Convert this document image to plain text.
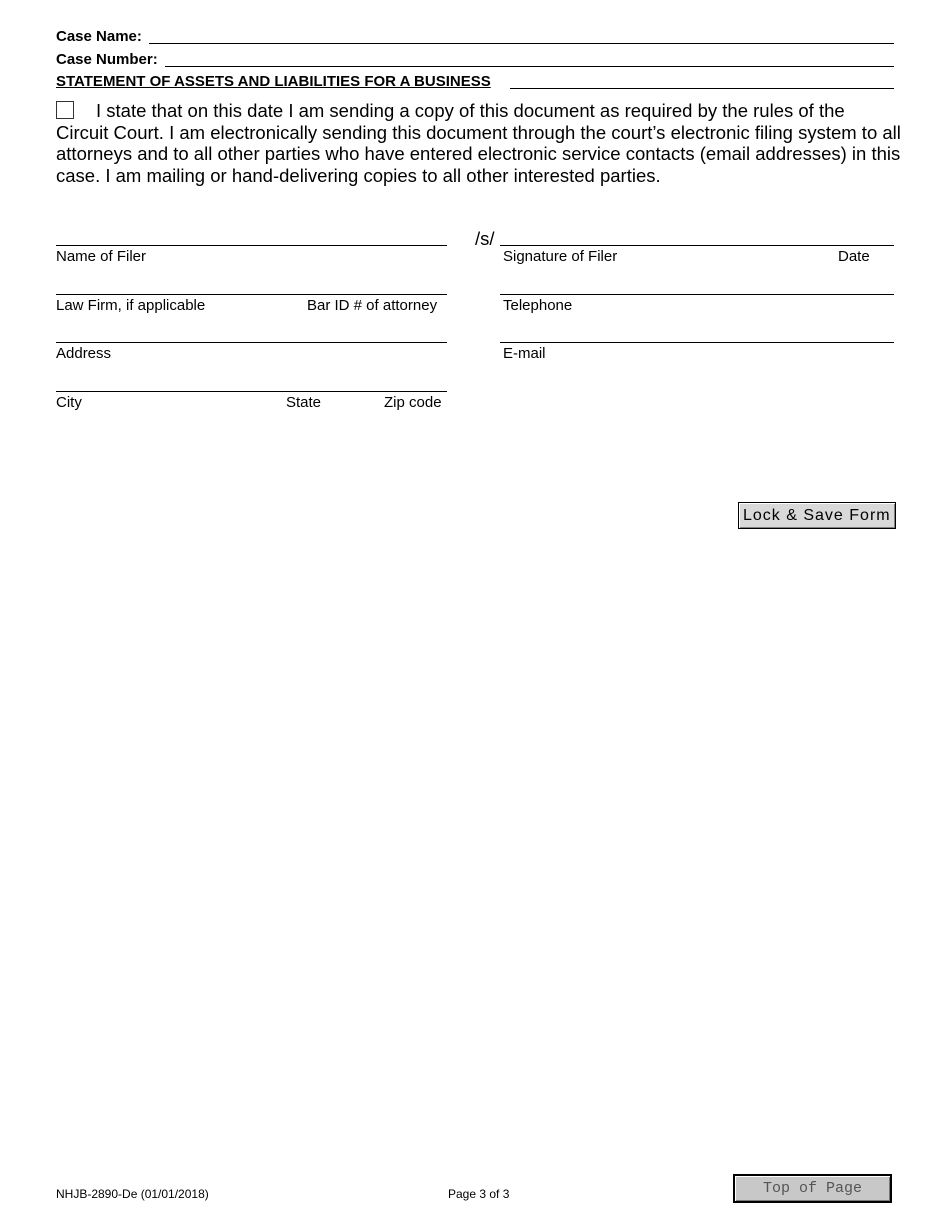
Case Name:
Case Number:
STATEMENT OF ASSETS AND LIABILITIES FOR A BUSINESS
I state that on this date I am sending a copy of this document as required by the rules of the Circuit Court. I am electronically sending this document through the court’s electronic filing system to all attorneys and to all other parties who have entered electronic service contacts (email addresses) in this case. I am mailing or hand-delivering copies to all other interested parties.
/s/
Name of Filer	Signature of Filer	Date
Law Firm, if applicable	Bar ID # of attorney	Telephone
Address	E-mail
City	State	Zip code
Lock & Save Form
Top of Page
NHJB-2890-De (01/01/2018)	Page 3 of 3
